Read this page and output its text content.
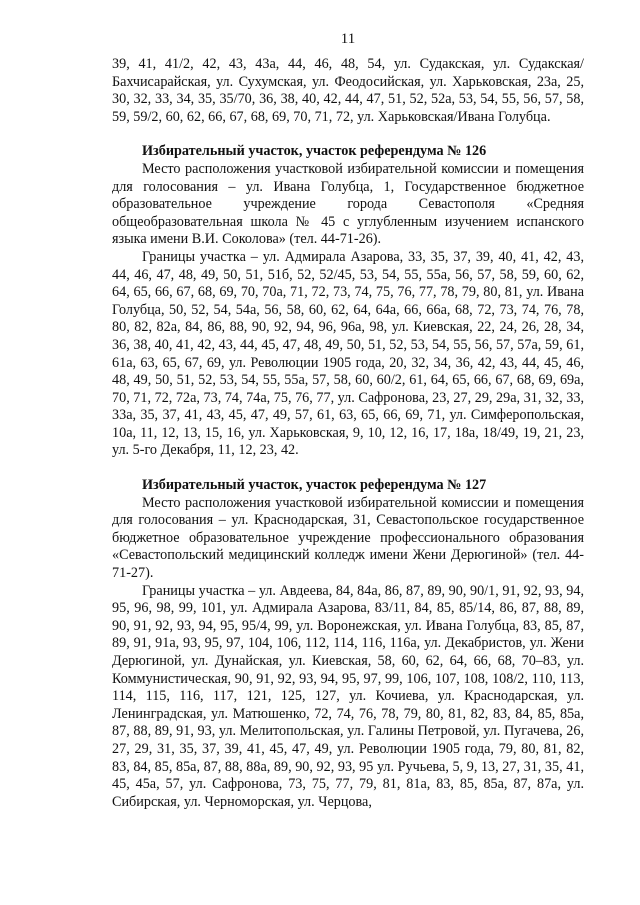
11

39, 41, 41/2, 42, 43, 43а, 44, 46, 48, 54, ул. Судакская, ул. Судакская/Бахчисарайская, ул. Сухумская, ул. Феодосийская, ул. Харьковская, 23а, 25, 30, 32, 33, 34, 35, 35/70, 36, 38, 40, 42, 44, 47, 51, 52, 52а, 53, 54, 55, 56, 57, 58, 59, 59/2, 60, 62, 66, 67, 68, 69, 70, 71, 72, ул. Харьковская/Ивана Голубца.

Избирательный участок, участок референдума № 126

Место расположения участковой избирательной комиссии и помещения для голосования – ул. Ивана Голубца, 1, Государственное бюджетное образовательное учреждение города Севастополя «Средняя общеобразовательная школа № 45 с углубленным изучением испанского языка имени В.И. Соколова» (тел. 44-71-26).

Границы участка – ул. Адмирала Азарова, 33, 35, 37, 39, 40, 41, 42, 43, 44, 46, 47, 48, 49, 50, 51, 51б, 52, 52/45, 53, 54, 55, 55а, 56, 57, 58, 59, 60, 62, 64, 65, 66, 67, 68, 69, 70, 70а, 71, 72, 73, 74, 75, 76, 77, 78, 79, 80, 81, ул. Ивана Голубца, 50, 52, 54, 54а, 56, 58, 60, 62, 64, 64а, 66, 66а, 68, 72, 73, 74, 76, 78, 80, 82, 82а, 84, 86, 88, 90, 92, 94, 96, 96а, 98, ул. Киевская, 22, 24, 26, 28, 34, 36, 38, 40, 41, 42, 43, 44, 45, 47, 48, 49, 50, 51, 52, 53, 54, 55, 56, 57, 57а, 59, 61, 61а, 63, 65, 67, 69, ул. Революции 1905 года, 20, 32, 34, 36, 42, 43, 44, 45, 46, 48, 49, 50, 51, 52, 53, 54, 55, 55а, 57, 58, 60, 60/2, 61, 64, 65, 66, 67, 68, 69, 69а, 70, 71, 72, 72а, 73, 74, 74а, 75, 76, 77, ул. Сафронова, 23, 27, 29, 29а, 31, 32, 33, 33а, 35, 37, 41, 43, 45, 47, 49, 57, 61, 63, 65, 66, 69, 71, ул. Симферопольская, 10а, 11, 12, 13, 15, 16, ул. Харьковская, 9, 10, 12, 16, 17, 18а, 18/49, 19, 21, 23, ул. 5-го Декабря, 11, 12, 23, 42.

Избирательный участок, участок референдума № 127

Место расположения участковой избирательной комиссии и помещения для голосования – ул. Краснодарская, 31, Севастопольское государственное бюджетное образовательное учреждение профессионального образования «Севастопольский медицинский колледж имени Жени Дерюгиной» (тел. 44-71-27).

Границы участка – ул. Авдеева, 84, 84а, 86, 87, 89, 90, 90/1, 91, 92, 93, 94, 95, 96, 98, 99, 101, ул. Адмирала Азарова, 83/11, 84, 85, 85/14, 86, 87, 88, 89, 90, 91, 92, 93, 94, 95, 95/4, 99, ул. Воронежская, ул. Ивана Голубца, 83, 85, 87, 89, 91, 91а, 93, 95, 97, 104, 106, 112, 114, 116, 116а, ул. Декабристов, ул. Жени Дерюгиной, ул. Дунайская, ул. Киевская, 58, 60, 62, 64, 66, 68, 70–83, ул. Коммунистическая, 90, 91, 92, 93, 94, 95, 97, 99, 106, 107, 108, 108/2, 110, 113, 114, 115, 116, 117, 121, 125, 127, ул. Кочиева, ул. Краснодарская, ул. Ленинградская, ул. Матюшенко, 72, 74, 76, 78, 79, 80, 81, 82, 83, 84, 85, 85а, 87, 88, 89, 91, 93, ул. Мелитопольская, ул. Галины Петровой, ул. Пугачева, 26, 27, 29, 31, 35, 37, 39, 41, 45, 47, 49, ул. Революции 1905 года, 79, 80, 81, 82, 83, 84, 85, 85а, 87, 88, 88а, 89, 90, 92, 93, 95 ул. Ручьева, 5, 9, 13, 27, 31, 35, 41, 45, 45а, 57, ул. Сафронова, 73, 75, 77, 79, 81, 81а, 83, 85, 85а, 87, 87а, ул. Сибирская, ул. Черноморская, ул. Черцова,
